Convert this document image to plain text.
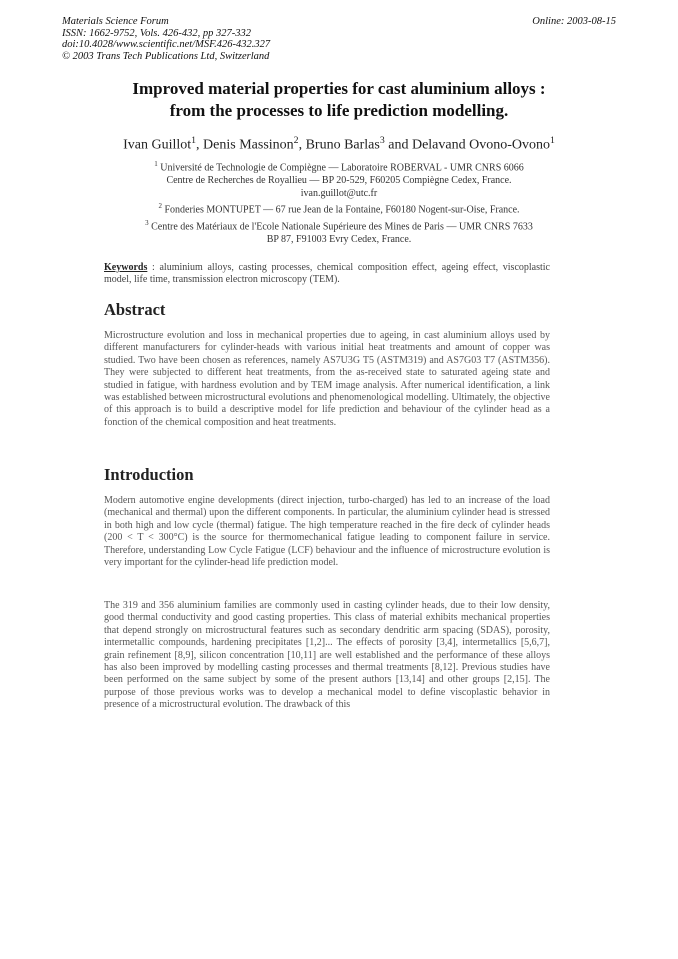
Materials Science Forum
ISSN: 1662-9752, Vols. 426-432, pp 327-332
doi:10.4028/www.scientific.net/MSF.426-432.327
© 2003 Trans Tech Publications Ltd, Switzerland
Online: 2003-08-15
Improved material properties for cast aluminium alloys :
from the processes to life prediction modelling.
Ivan Guillot$^1$, Denis Massinon$^2$, Bruno Barlas$^3$ and Delavand Ovono-Ovono$^1$
$^1$ Université de Technologie de Compiègne — Laboratoire ROBERVAL - UMR CNRS 6066
Centre de Recherches de Royallieu — BP 20-529, F60205 Compiègne Cedex, France.
ivan.guillot@utc.fr
$^2$ Fonderies MONTUPET — 67 rue Jean de la Fontaine, F60180 Nogent-sur-Oise, France.
$^3$ Centre des Matériaux de l'Ecole Nationale Supérieure des Mines de Paris — UMR CNRS 7633
BP 87, F91003 Evry Cedex, France.
Keywords : aluminium alloys, casting processes, chemical composition effect, ageing effect, viscoplastic model, life time, transmission electron microscopy (TEM).
Abstract

Microstructure evolution and loss in mechanical properties due to ageing, in cast aluminium alloys used by different manufacturers for cylinder-heads with various initial heat treatments and amount of copper was studied. Two have been chosen as references, namely AS7U3G T5 (ASTM319) and AS7G03 T7 (ASTM356). They were subjected to different heat treatments, from the as-received state to saturated ageing state and studied in fatigue, with hardness evolution and by TEM image analysis. After numerical identification, a link was established between microstructural evolutions and phenomenological modelling. Ultimately, the objective of this approach is to build a descriptive model for life prediction and behaviour of the cylinder head as a fonction of the chemical composition and heat treatments.

Introduction

Modern automotive engine developments (direct injection, turbo-charged) has led to an increase of the load (mechanical and thermal) upon the different components. In particular, the aluminium cylinder head is stressed in both high and low cycle (thermal) fatigue. The high temperature reached in the fire deck of cylinder heads (200 < T < 300°C) is the source for thermomechanical fatigue leading to component failure in service. Therefore, understanding Low Cycle Fatigue (LCF) behaviour and the influence of microstructure evolution is very important for the cylinder-head life prediction model.

The 319 and 356 aluminium families are commonly used in casting cylinder heads, due to their low density, good thermal conductivity and good casting properties. This class of material exhibits mechanical properties that depend strongly on microstructural features such as secondary dendritic arm spacing (SDAS), porosity, intermetallic compounds, hardening precipitates [1,2]... The effects of porosity [3,4], intermetallics [5,6,7], grain refinement [8,9], silicon concentration [10,11] are well established and the performance of these alloys has also been improved by modelling casting processes and thermal treatments [8,12]. Previous studies have been performed on the same subject by some of the present authors [13,14] and other groups [2,15]. The purpose of those previous works was to develop a mechanical model to define viscoplastic behavior in presence of a microstructural evolution. The drawback of this
